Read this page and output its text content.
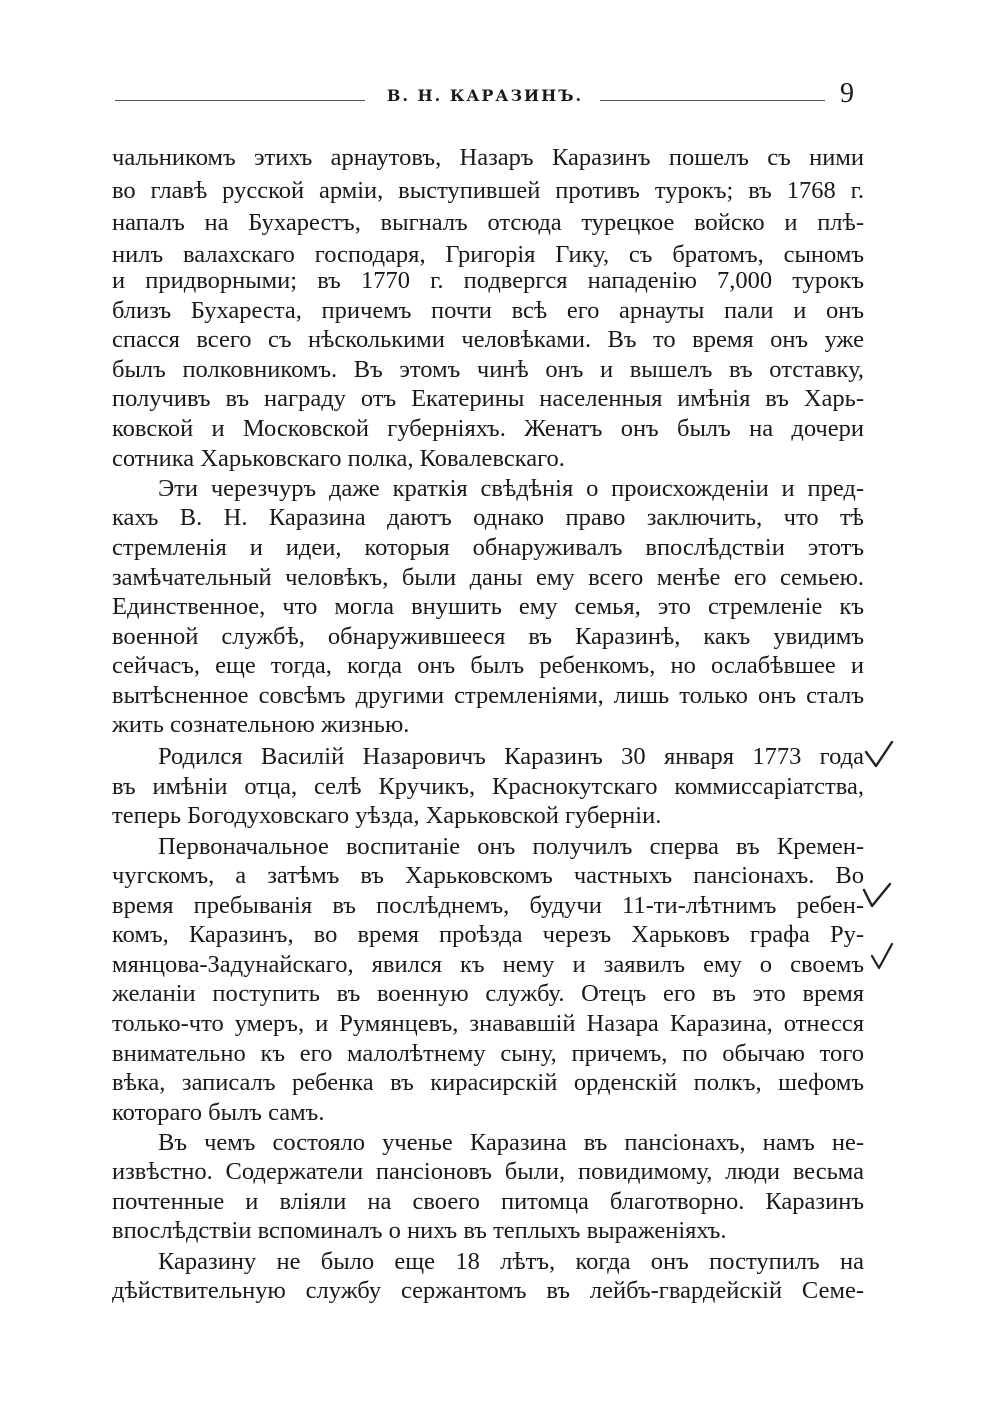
В. Н. КАРАЗИНЪ.	9
чальникомъ этихъ арнаутовъ, Назаръ Каразинъ пошелъ съ ними
во главѣ русской арміи, выступившей противъ турокъ; въ 1768 г.
напалъ на Бухарестъ, выгналъ отсюда турецкое войско и плѣ-
нилъ валахскаго господаря, Григорія Гику, съ братомъ, сыномъ
и придворными; въ 1770 г. подвергся нападенію 7,000 турокъ
близъ Бухареста, причемъ почти всѣ его арнауты пали и онъ
спасся всего съ нѣсколькими человѣками. Въ то время онъ уже
былъ полковникомъ. Въ этомъ чинѣ онъ и вышелъ въ отставку,
получивъ въ награду отъ Екатерины населенныя имѣнія въ Харь-
ковской и Московской губерніяхъ. Женатъ онъ былъ на дочери
сотника Харьковскаго полка, Ковалевскаго.
Эти черезчуръ даже краткія свѣдѣнія о происхожденіи и пред-
кахъ В. Н. Каразина даютъ однако право заключить, что тѣ
стремленія и идеи, которыя обнаруживалъ впослѣдствіи этотъ
замѣчательный человѣкъ, были даны ему всего менѣе его семьею.
Единственное, что могла внушить ему семья, это стремленіе къ
военной службѣ, обнаружившееся въ Каразинѣ, какъ увидимъ
сейчасъ, еще тогда, когда онъ былъ ребенкомъ, но ослабѣвшее и
вытѣсненное совсѣмъ другими стремленіями, лишь только онъ сталъ
жить сознательною жизнью.
Родился Василій Назаровичъ Каразинъ 30 января 1773 года
въ имѣніи отца, селѣ Кручикъ, Краснокутскаго коммиссаріатства,
теперь Богодуховскаго уѣзда, Харьковской губерніи.
Первоначальное воспитаніе онъ получилъ сперва въ Кремен-
чугскомъ, а затѣмъ въ Харьковскомъ частныхъ пансіонахъ. Во
время пребыванія въ послѣднемъ, будучи 11-ти-лѣтнимъ ребен-
комъ, Каразинъ, во время проѣзда черезъ Харьковъ графа Ру-
мянцова-Задунайскаго, явился къ нему и заявилъ ему о своемъ
желаніи поступить въ военную службу. Отецъ его въ это время
только-что умеръ, и Румянцевъ, знававшій Назара Каразина, отнесся
внимательно къ его малолѣтнему сыну, причемъ, по обычаю того
вѣка, записалъ ребенка въ кирасирскій орденскій полкъ, шефомъ
котораго былъ самъ.
Въ чемъ состояло ученье Каразина въ пансіонахъ, намъ не-
извѣстно. Содержатели пансіоновъ были, повидимому, люди весьма
почтенные и вліяли на своего питомца благотворно. Каразинъ
впослѣдствіи вспоминалъ о нихъ въ теплыхъ выраженіяхъ.
Каразину не было еще 18 лѣтъ, когда онъ поступилъ на
дѣйствительную службу сержантомъ въ лейбъ-гвардейскій Семе-
